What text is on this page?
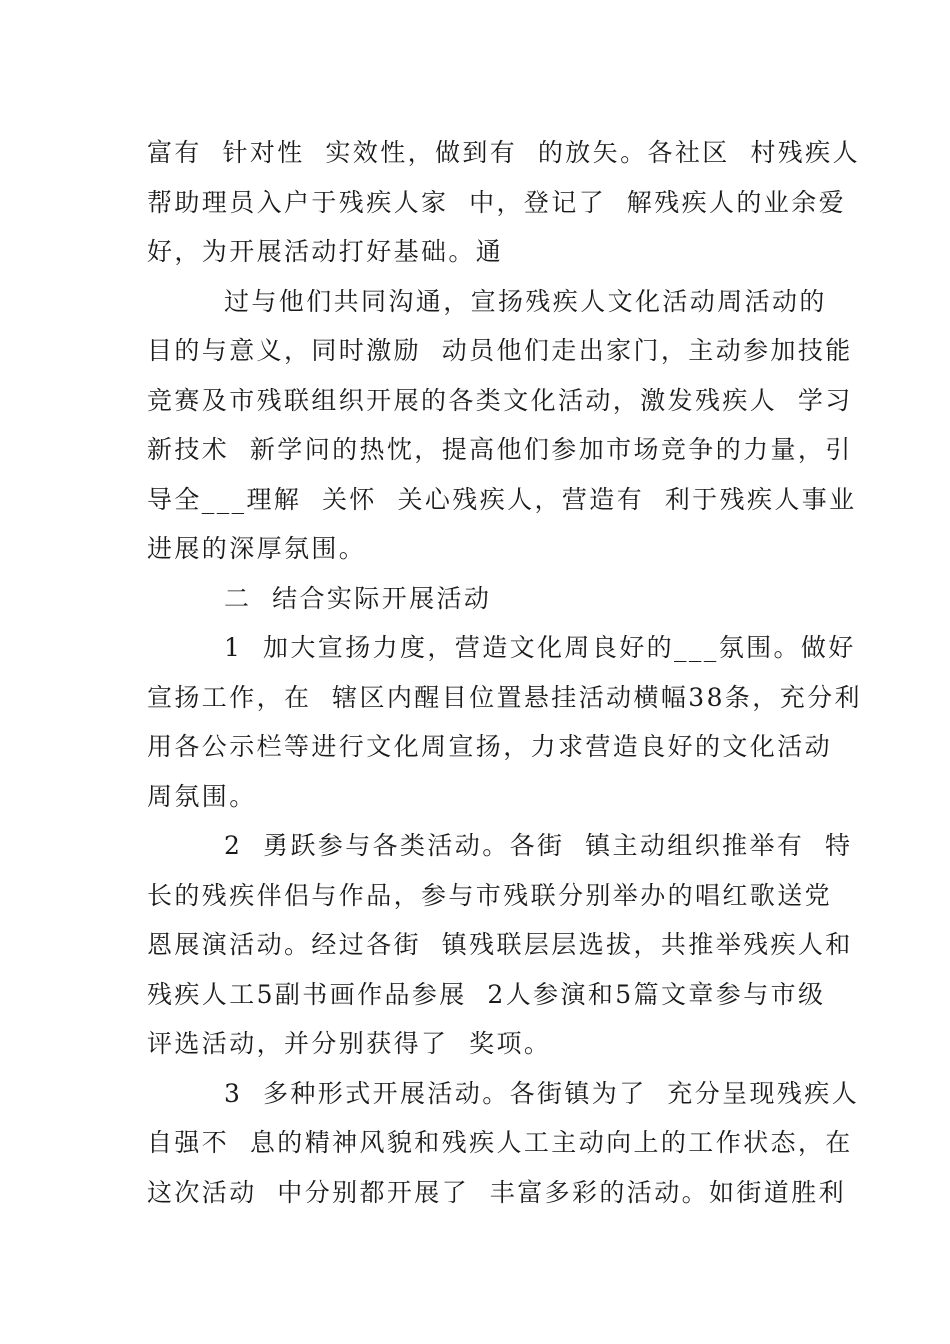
富有  针对性  实效性，做到有  的放矢。各社区  村残疾人
帮助理员入户于残疾人家  中，登记了  解残疾人的业余爱
好，为开展活动打好基础。通
过与他们共同沟通，宣扬残疾人文化活动周活动的
目的与意义，同时激励  动员他们走出家门，主动参加技能
竞赛及市残联组织开展的各类文化活动，激发残疾人  学习
新技术  新学问的热忱，提高他们参加市场竞争的力量，引
导全___理解  关怀  关心残疾人，营造有  利于残疾人事业
进展的深厚氛围。
二  结合实际开展活动
1  加大宣扬力度，营造文化周良好的___氛围。做好
宣扬工作，在  辖区内醒目位置悬挂活动横幅38条，充分利
用各公示栏等进行文化周宣扬，力求营造良好的文化活动
周氛围。
2  勇跃参与各类活动。各街  镇主动组织推举有  特
长的残疾伴侣与作品，参与市残联分别举办的唱红歌送党
恩展演活动。经过各街  镇残联层层选拔，共推举残疾人和
残疾人工5副书画作品参展  2人参演和5篇文章参与市级
评选活动，并分别获得了  奖项。
3  多种形式开展活动。各街镇为了  充分呈现残疾人
自强不  息的精神风貌和残疾人工主动向上的工作状态，在
这次活动  中分别都开展了  丰富多彩的活动。如街道胜利
